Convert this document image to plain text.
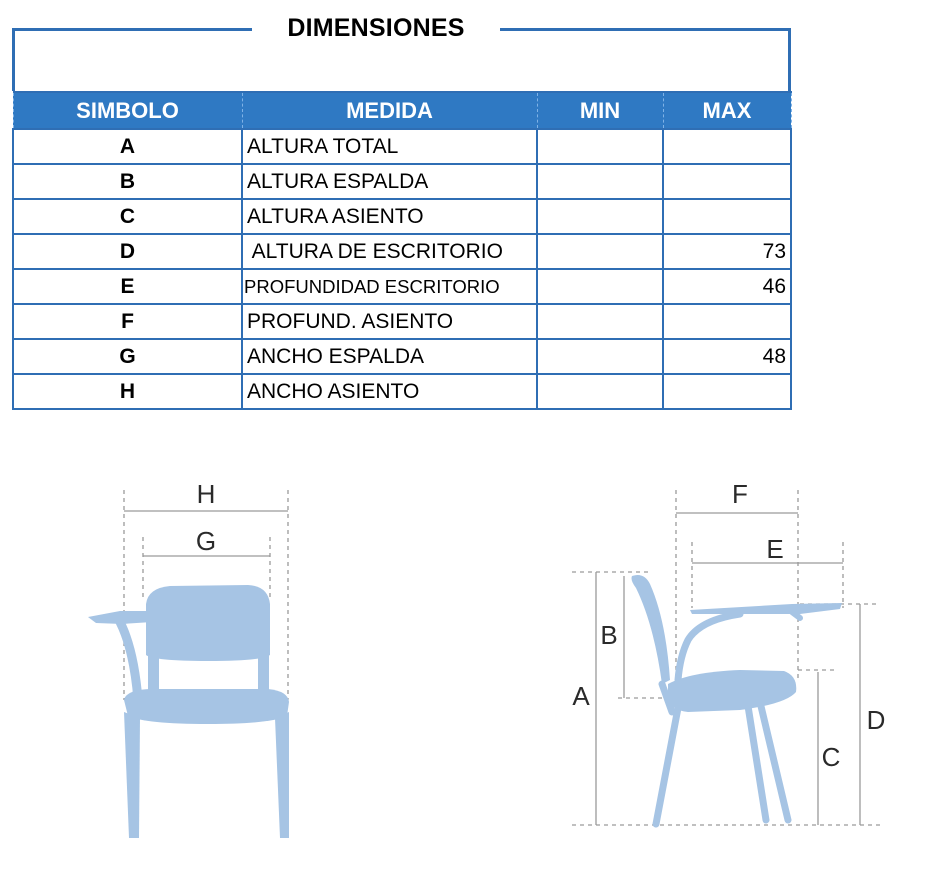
DIMENSIONES
SIMBOLO	MEDIDA	MIN	MAX
A	ALTURA TOTAL		
B	ALTURA ESPALDA		
C	ALTURA ASIENTO		
D	ALTURA DE ESCRITORIO		73
E	PROFUNDIDAD ESCRITORIO		46
F	PROFUND. ASIENTO		
G	ANCHO ESPALDA		48
H	ANCHO ASIENTO		
H
G
F
E
A
B
C
D
